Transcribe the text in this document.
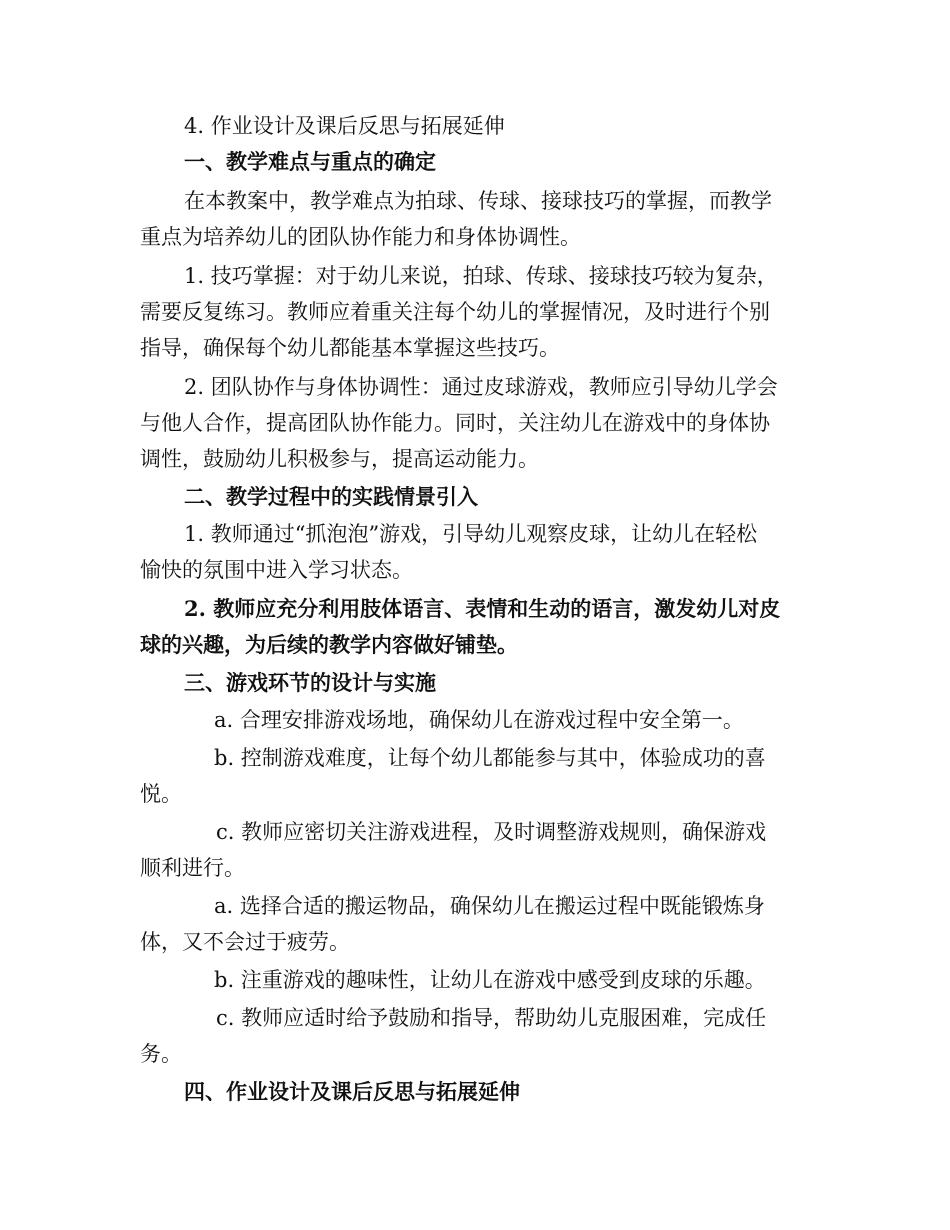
4. 作业设计及课后反思与拓展延伸
一、教学难点与重点的确定
在本教案中，教学难点为拍球、传球、接球技巧的掌握，而教学
重点为培养幼儿的团队协作能力和身体协调性。
1. 技巧掌握：对于幼儿来说，拍球、传球、接球技巧较为复杂，
需要反复练习。教师应着重关注每个幼儿的掌握情况，及时进行个别
指导，确保每个幼儿都能基本掌握这些技巧。
2. 团队协作与身体协调性：通过皮球游戏，教师应引导幼儿学会
与他人合作，提高团队协作能力。同时，关注幼儿在游戏中的身体协
调性，鼓励幼儿积极参与，提高运动能力。
二、教学过程中的实践情景引入
1. 教师通过“抓泡泡”游戏，引导幼儿观察皮球，让幼儿在轻松
愉快的氛围中进入学习状态。
2. 教师应充分利用肢体语言、表情和生动的语言，激发幼儿对皮
球的兴趣，为后续的教学内容做好铺垫。
三、游戏环节的设计与实施
a. 合理安排游戏场地，确保幼儿在游戏过程中安全第一。
b. 控制游戏难度，让每个幼儿都能参与其中，体验成功的喜
悦。
c. 教师应密切关注游戏进程，及时调整游戏规则，确保游戏
顺利进行。
a. 选择合适的搬运物品，确保幼儿在搬运过程中既能锻炼身
体，又不会过于疲劳。
b. 注重游戏的趣味性，让幼儿在游戏中感受到皮球的乐趣。
c. 教师应适时给予鼓励和指导，帮助幼儿克服困难，完成任
务。
四、作业设计及课后反思与拓展延伸
